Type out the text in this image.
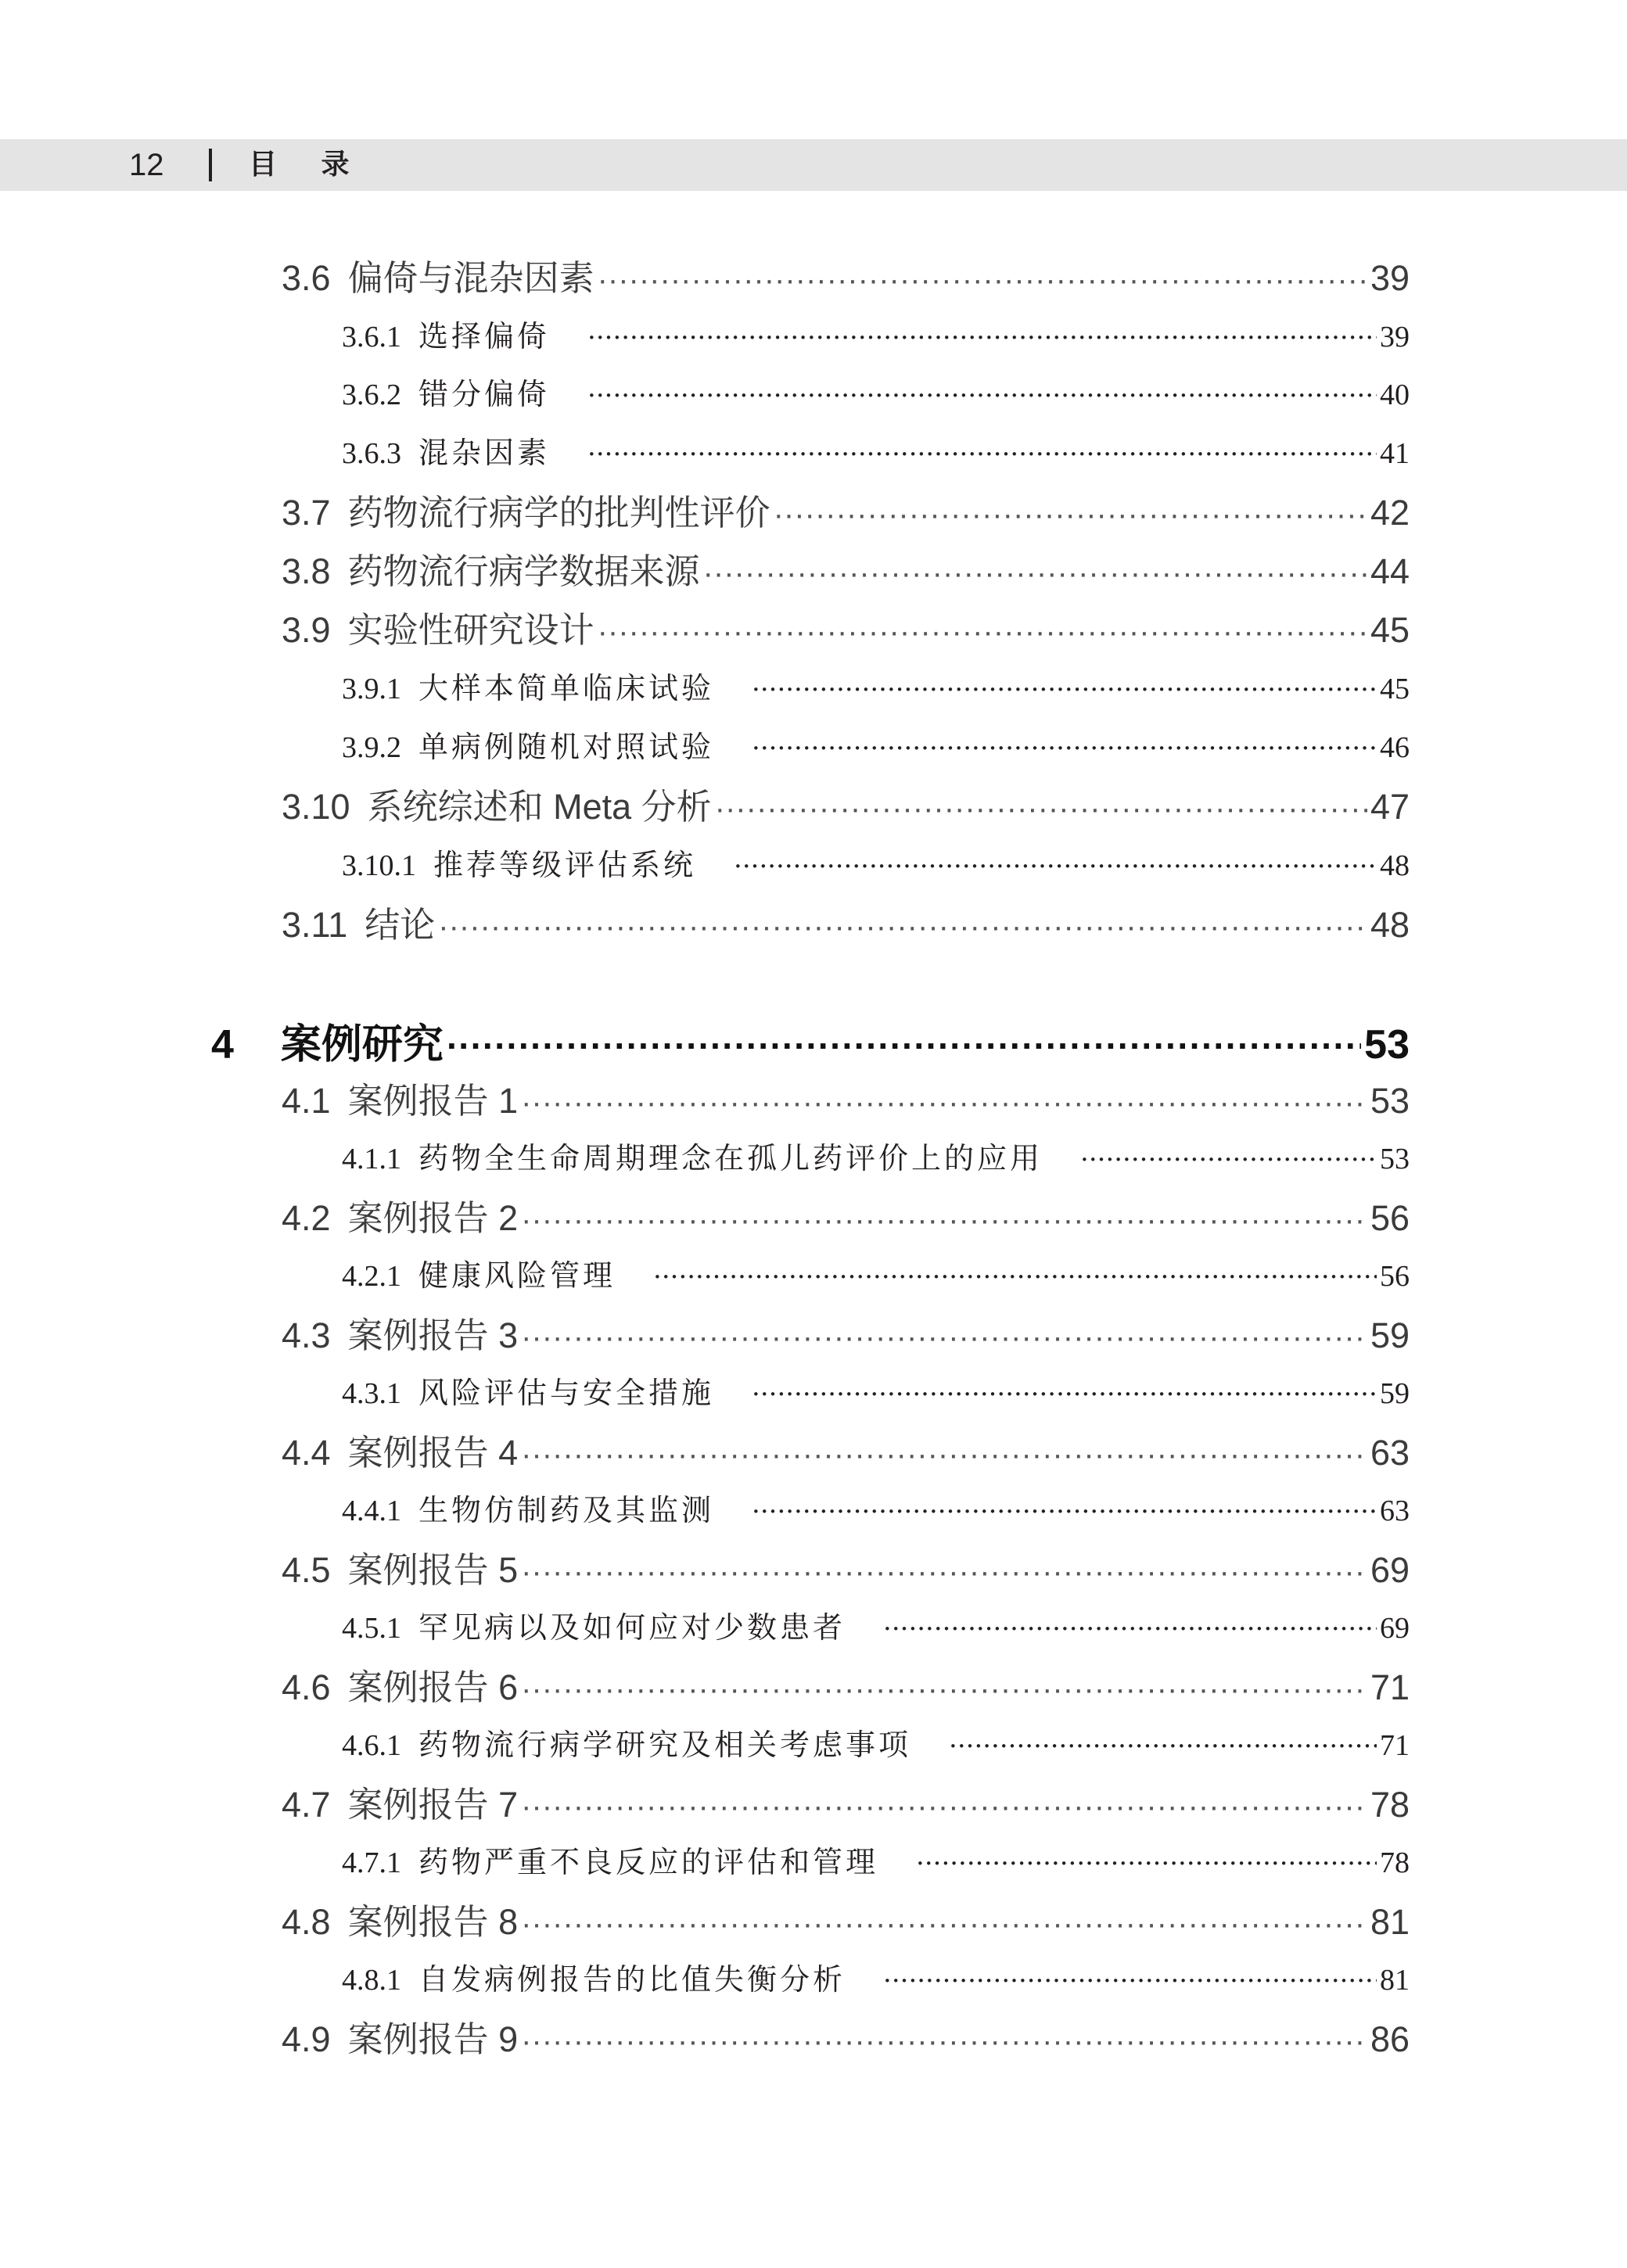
12	目 录
3.6 偏倚与混杂因素 ·····	39
3.6.1 选择偏倚 ·····	39
3.6.2 错分偏倚 ·····	40
3.6.3 混杂因素 ·····	41
3.7 药物流行病学的批判性评价 ·····	42
3.8 药物流行病学数据来源 ·····	44
3.9 实验性研究设计 ·····	45
3.9.1 大样本简单临床试验 ·····	45
3.9.2 单病例随机对照试验 ·····	46
3.10 系统综述和 Meta 分析 ·····	47
3.10.1 推荐等级评估系统 ·····	48
3.11 结论 ·····	48
4 案例研究 ·····	53
4.1 案例报告 1 ·····	53
4.1.1 药物全生命周期理念在孤儿药评价上的应用 ·····	53
4.2 案例报告 2 ·····	56
4.2.1 健康风险管理 ·····	56
4.3 案例报告 3 ·····	59
4.3.1 风险评估与安全措施 ·····	59
4.4 案例报告 4 ·····	63
4.4.1 生物仿制药及其监测 ·····	63
4.5 案例报告 5 ·····	69
4.5.1 罕见病以及如何应对少数患者 ·····	69
4.6 案例报告 6 ·····	71
4.6.1 药物流行病学研究及相关考虑事项 ·····	71
4.7 案例报告 7 ·····	78
4.7.1 药物严重不良反应的评估和管理 ·····	78
4.8 案例报告 8 ·····	81
4.8.1 自发病例报告的比值失衡分析 ·····	81
4.9 案例报告 9 ·····	86
